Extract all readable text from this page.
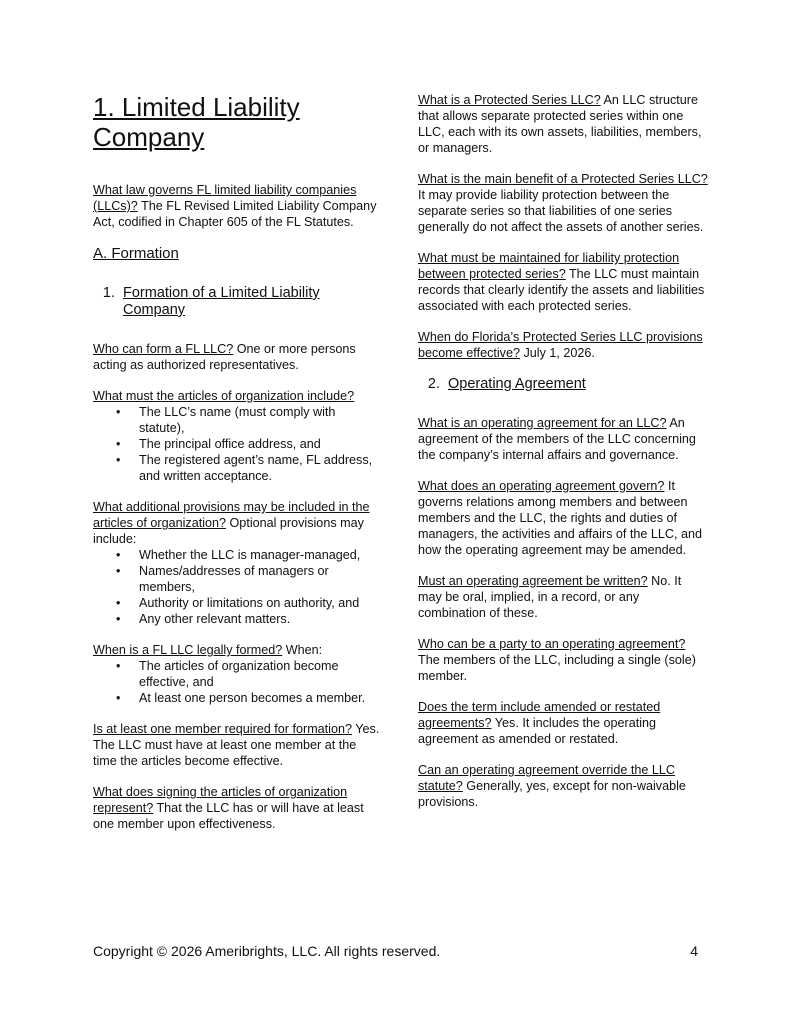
1. Limited Liability Company

What law governs FL limited liability companies (LLCs)? The FL Revised Limited Liability Company Act, codified in Chapter 605 of the FL Statutes.

A. Formation
1. Formation of a Limited Liability Company

Who can form a FL LLC? One or more persons acting as authorized representatives.

What must the articles of organization include?
• The LLC’s name (must comply with statute),
• The principal office address, and
• The registered agent’s name, FL address, and written acceptance.
What additional provisions may be included in the articles of organization? Optional provisions may include:
• Whether the LLC is manager-managed,
• Names/addresses of managers or members,
• Authority or limitations on authority, and
• Any other relevant matters.
When is a FL LLC legally formed? When:
• The articles of organization become effective, and
• At least one person becomes a member.

Is at least one member required for formation? Yes. The LLC must have at least one member at the time the articles become effective.

What does signing the articles of organization represent? That the LLC has or will have at least one member upon effectiveness.

What is a Protected Series LLC? An LLC structure that allows separate protected series within one LLC, each with its own assets, liabilities, members, or managers.

What is the main benefit of a Protected Series LLC? It may provide liability protection between the separate series so that liabilities of one series generally do not affect the assets of another series.

What must be maintained for liability protection between protected series? The LLC must maintain records that clearly identify the assets and liabilities associated with each protected series.

When do Florida’s Protected Series LLC provisions become effective? July 1, 2026.

2. Operating Agreement

What is an operating agreement for an LLC? An agreement of the members of the LLC concerning the company’s internal affairs and governance.

What does an operating agreement govern? It governs relations among members and between members and the LLC, the rights and duties of managers, the activities and affairs of the LLC, and how the operating agreement may be amended.

Must an operating agreement be written? No. It may be oral, implied, in a record, or any combination of these.

Who can be a party to an operating agreement? The members of the LLC, including a single (sole) member.

Does the term include amended or restated agreements? Yes. It includes the operating agreement as amended or restated.

Can an operating agreement override the LLC statute? Generally, yes, except for non-waivable provisions.

Copyright © 2026 Ameribrights, LLC. All rights reserved.	4
